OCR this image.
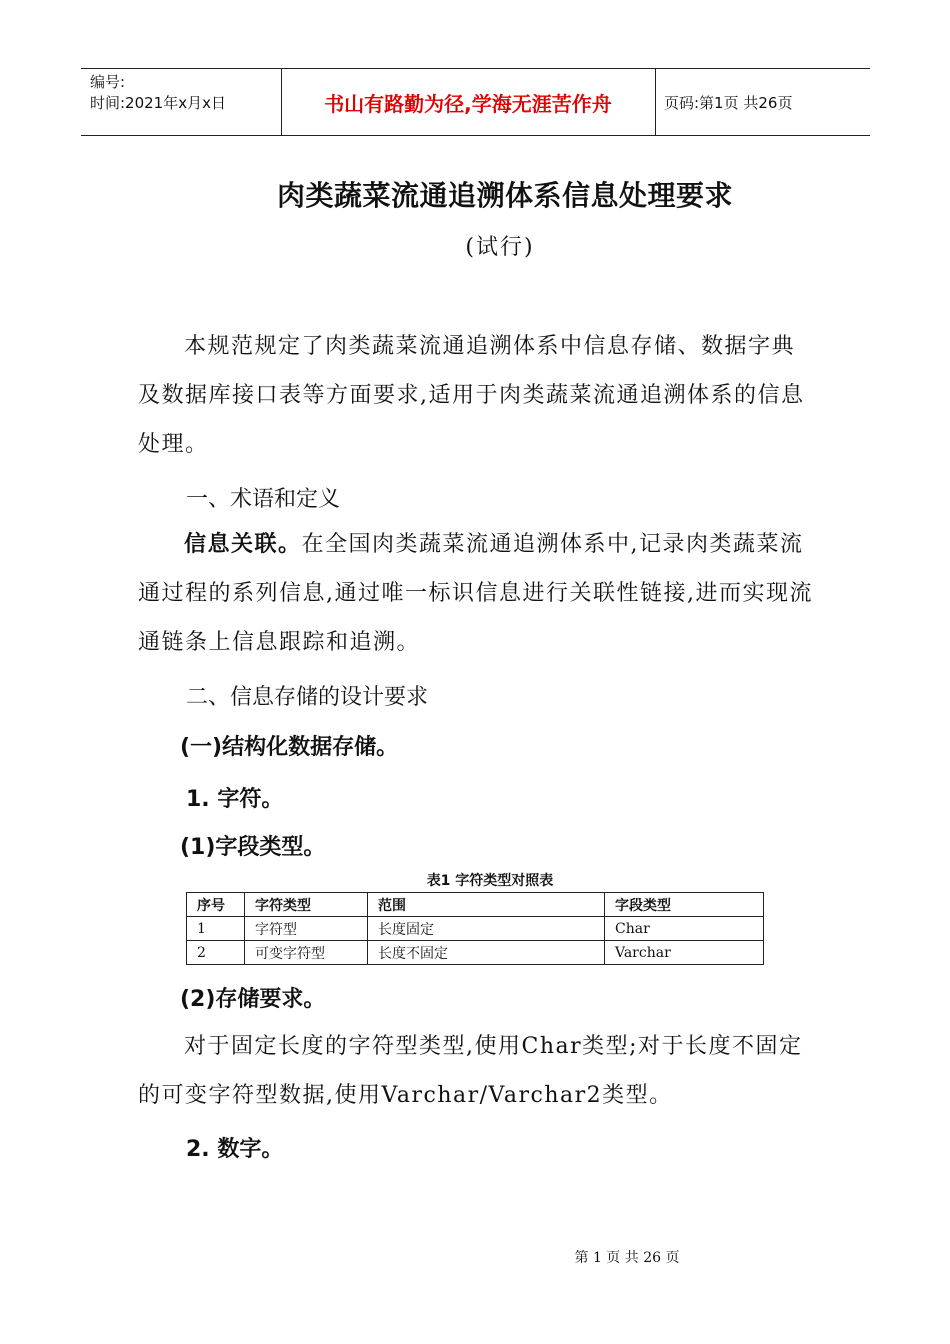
编号:
时间:2021年x月x日	书山有路勤为径,学海无涯苦作舟	页码:第1页 共26页
肉类蔬菜流通追溯体系信息处理要求
(试行)
本规范规定了肉类蔬菜流通追溯体系中信息存储、数据字典及数据库接口表等方面要求,适用于肉类蔬菜流通追溯体系的信息处理。
一、术语和定义
信息关联。在全国肉类蔬菜流通追溯体系中,记录肉类蔬菜流通过程的系列信息,通过唯一标识信息进行关联性链接,进而实现流通链条上信息跟踪和追溯。
二、信息存储的设计要求
(一)结构化数据存储。
1. 字符。
(1)字段类型。
表1 字符类型对照表
序号	字符类型	范围	字段类型
1	字符型	长度固定	Char
2	可变字符型	长度不固定	Varchar
(2)存储要求。
对于固定长度的字符型类型,使用Char类型;对于长度不固定的可变字符型数据,使用Varchar/Varchar2类型。
2. 数字。
第 1 页 共 26 页
